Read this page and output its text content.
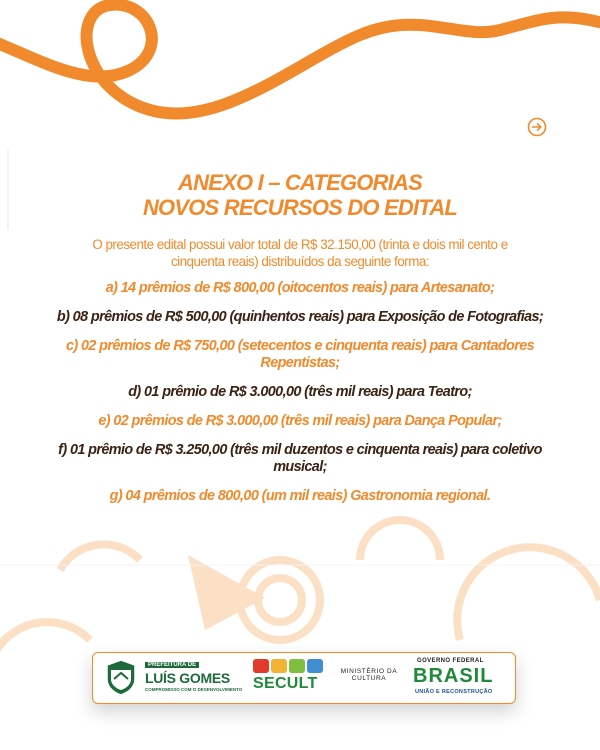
ANEXO I – CATEGORIAS

NOVOS RECURSOS DO EDITAL

O presente edital possui valor total de R$ 32.150,00 (trinta e dois mil cento e cinquenta reais) distribuídos da seguinte forma:

a) 14 prêmios de R$ 800,00 (oitocentos reais) para Artesanato;

b) 08 prêmios de R$ 500,00 (quinhentos reais) para Exposição de Fotografias;

c) 02 prêmios de R$ 750,00 (setecentos e cinquenta reais) para Cantadores Repentistas;

d) 01 prêmio de R$ 3.000,00 (três mil reais) para Teatro;

e) 02 prêmios de R$ 3.000,00 (três mil reais) para Dança Popular;

f) 01 prêmio de R$ 3.250,00 (três mil duzentos e cinquenta reais) para coletivo musical;

g) 04 prêmios de 800,00 (um mil reais) Gastronomia regional.

PREFEITURA DE
LUÍS GOMES
COMPROMISSO COM O DESENVOLVIMENTO SECULT
MINISTÉRIO DA
CULTURA
GOVERNO FEDERAL
BRASIL
UNIÃO E RECONSTRUÇÃO
